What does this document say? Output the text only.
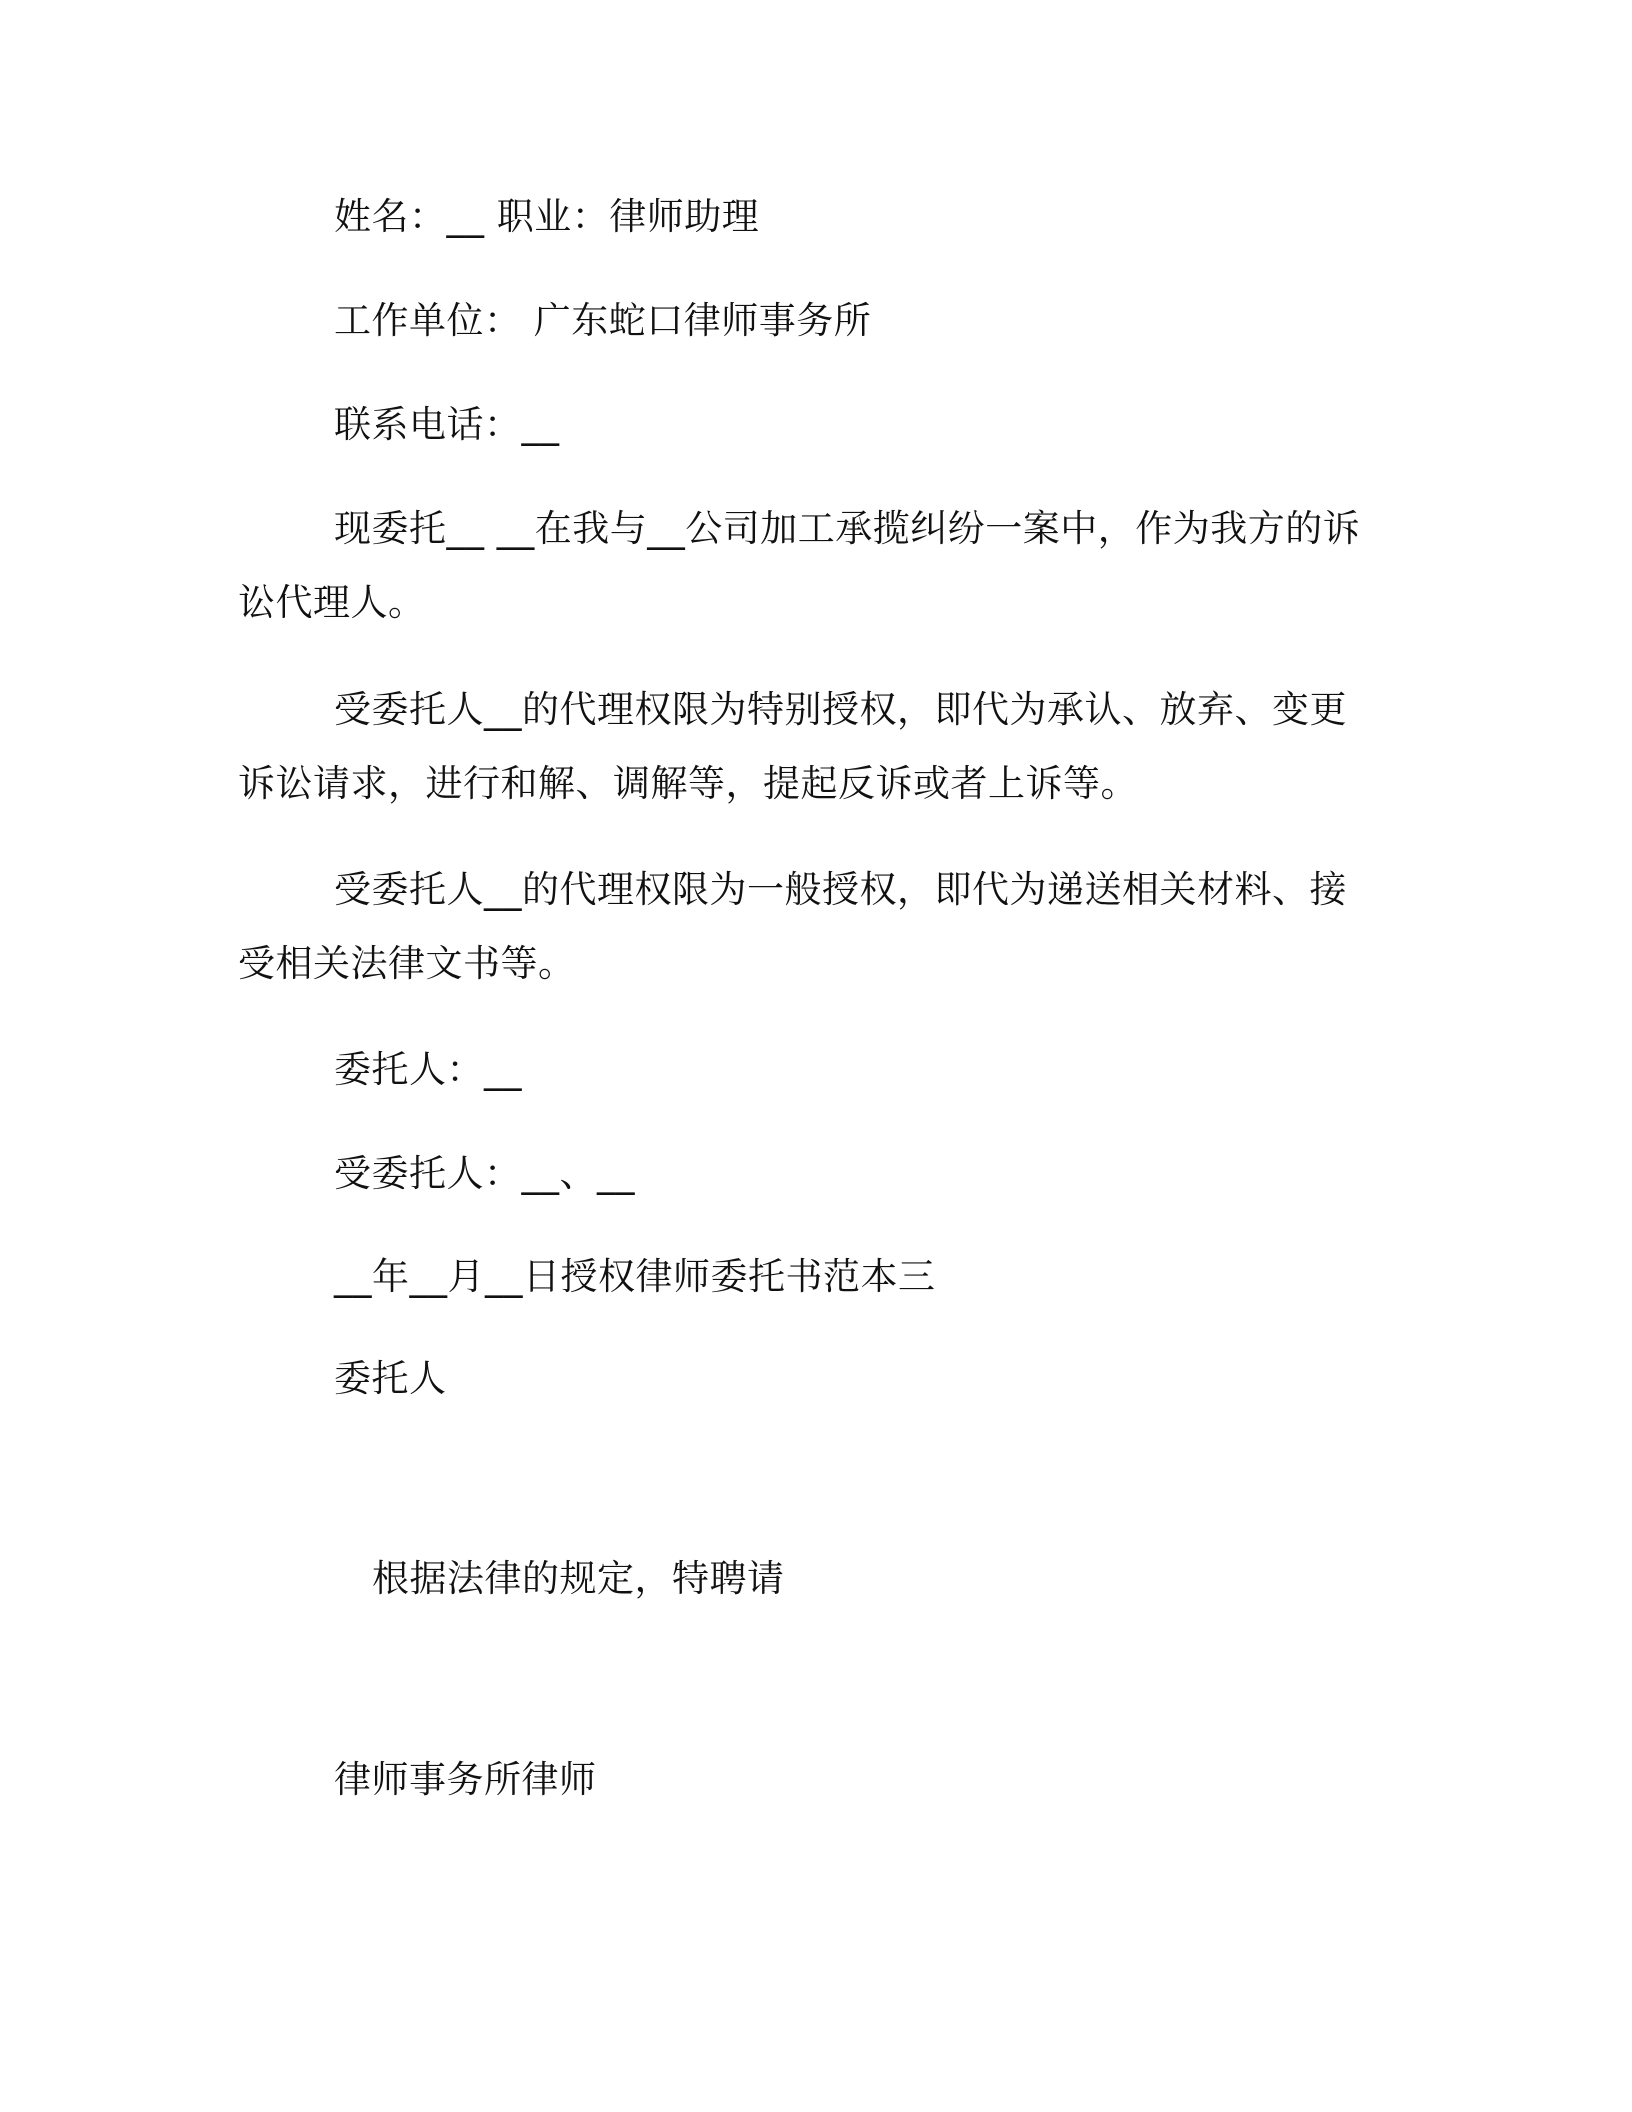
姓名：__ 职业：律师助理
工作单位： 广东蛇口律师事务所
联系电话：__

现委托__ __在我与__公司加工承揽纠纷一案中，作为我方的诉讼代理人。

受委托人__的代理权限为特别授权，即代为承认、放弃、变更诉讼请求，进行和解、调解等，提起反诉或者上诉等。

受委托人__的代理权限为一般授权，即代为递送相关材料、接受相关法律文书等。

委托人：__
受委托人：__、__
__年__月__日授权律师委托书范本三
委托人
根据法律的规定，特聘请
律师事务所律师
